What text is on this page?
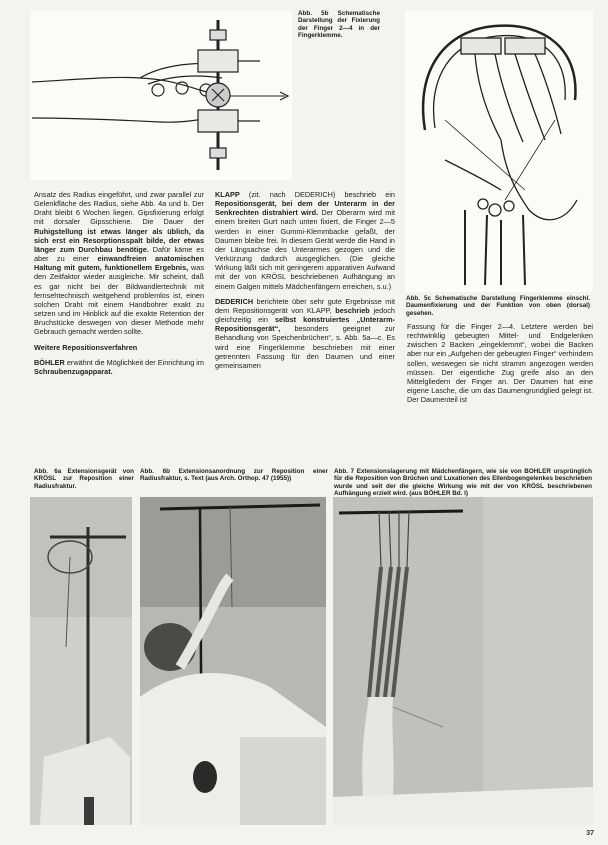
Abb. 5b Schematische Darstellung der Fixierung der Finger 2—4 in der Fingerklemme.

Abb. 5c Schematische Darstellung Fingerklemme einschl. Daumenfixierung und der Funktion von oben (dorsal) gesehen.

Ansatz des Radius eingeführt, und zwar parallel zur Gelenkfläche des Radius, siehe Abb. 4a und b. Der Draht bleibt 6 Wochen liegen. Gipsfixierung erfolgt mit dorsaler Gipsschiene. Die Dauer der Ruhigstellung ist etwas länger als üblich, da sich erst ein Resorptionsspalt bilde, der etwas länger zum Durchbau benötige. Dafür käme es aber zu einer einwandfreien anatomischen Haltung mit gutem, funktionellem Ergebnis, was den Zeitfaktor wieder ausgleiche. Mir scheint, daß es gar nicht bei der Bildwandlertechnik mit fernsehtechnisch weitgehend problemlos ist, einen solchen Draht mit einem Handbohrer exakt zu setzen und im Hinblick auf die exakte Retention der Bruchstücke deswegen von dieser Methode mehr Gebrauch gemacht werden sollte.

Weitere Repositionsverfahren

BÖHLER erwähnt die Möglichkeit der Einrichtung im Schraubenzugapparat.

KLAPP (zit. nach DEDERICH) beschrieb ein Repositionsgerät, bei dem der Unterarm in der Senkrechten distrahiert wird. Der Oberarm wird mit einem breiten Gurt nach unten fixiert, die Finger 2—5 werden in einer Gummi-Klemmbacke gefaßt, der Daumen bleibe frei. In diesem Gerät werde die Hand in der Längsachse des Unterarmes gezogen und die Verkürzung dadurch ausgeglichen. (Die gleiche Wirkung läßt sich mit geringerem apparativen Aufwand mit der von KRÖSL beschriebenen Aufhängung an einem Galgen mittels Mädchenfängern erreichen, s.u.)

DEDERICH berichtete über sehr gute Ergebnisse mit dem Repositionsgerät von KLAPP, beschrieb jedoch gleichzeitig ein selbst konstruiertes „Unterarm-Repositionsgerät“, besonders geeignet zur Behandlung von Speichenbrüchen“, s. Abb. 5a—c. Es wird eine Fingerklemme beschrieben mit einer getrennten Fassung für den Daumen und einer gemeinsamen

Fassung für die Finger 2—4. Letztere werden bei rechtwinklig gebeugten Mittel- und Endgelenken zwischen 2 Backen „eingeklemmt“, wobei die Backen aber nur ein „Aufgehen der gebeugten Finger“ verhindern sollen, weswegen sie nicht stramm angezogen werden müssen. Der eigentliche Zug greife also an den Mittelgliedern der Finger an. Der Daumen hat eine eigene Lasche, die um das Daumengrundglied gelegt ist. Der Daumenteil ist

Abb. 6a Extensionsgerät von KRÖSL zur Reposition einer Radiusfraktur.

Abb. 6b Extensionsanordnung zur Reposition einer Radiusfraktur, s. Text (aus Arch. Orthop. 47 (1955))

Abb. 7 Extensionslagerung mit Mädchenfängern, wie sie von BÖHLER ursprünglich für die Reposition von Brüchen und Luxationen des Ellenbogengelenkes beschrieben wurde und seit der die gleiche Wirkung wie mit der von KRÖSL beschriebenen Aufhängung erzielt wird. (aus BÖHLER Bd. I)

37
